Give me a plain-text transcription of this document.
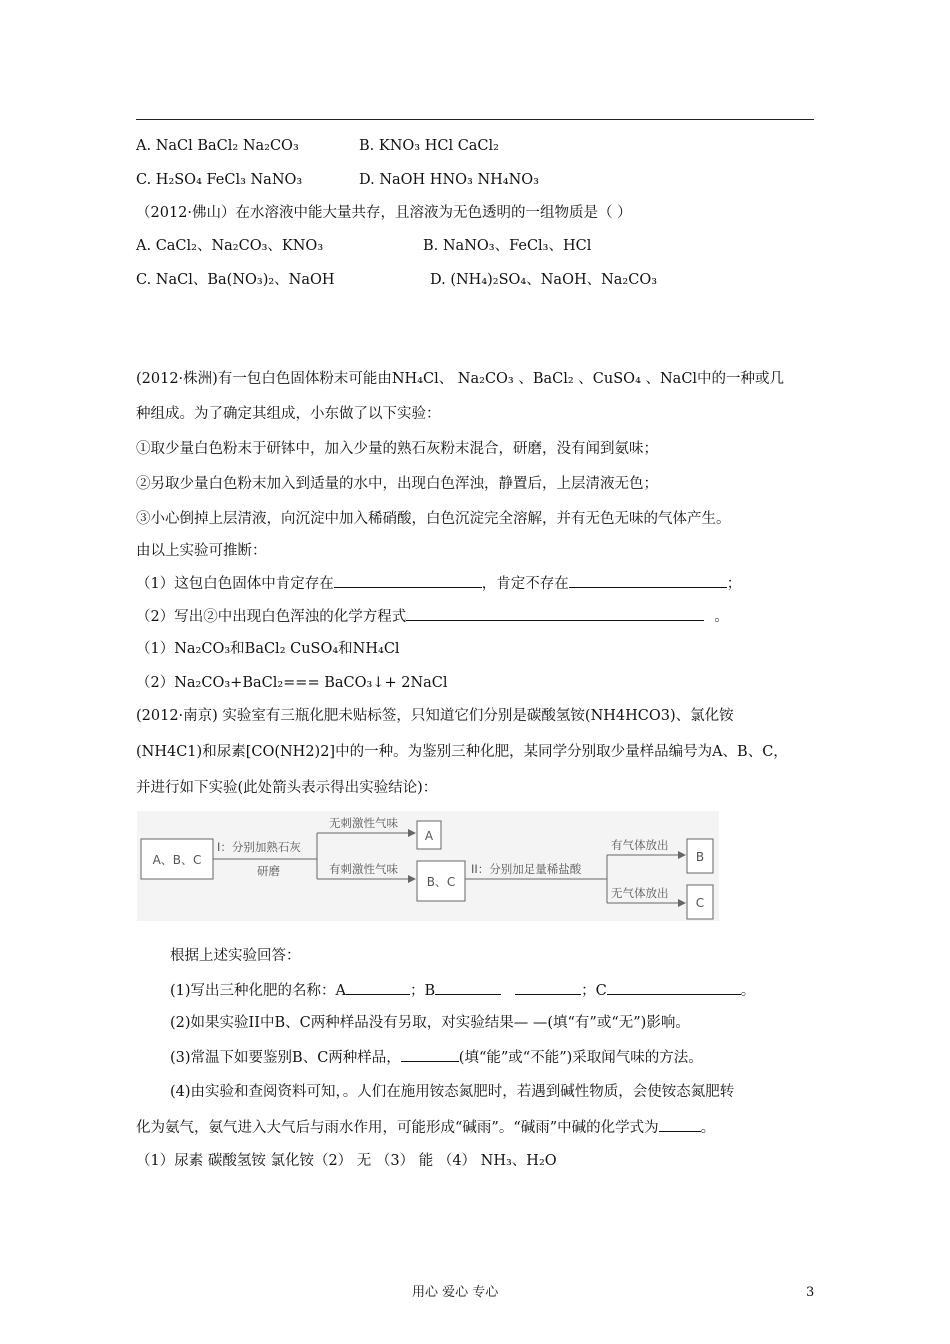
A. NaCl BaCl₂ Na₂CO₃	B. KNO₃ HCl CaCl₂
C. H₂SO₄ FeCl₃ NaNO₃	D. NaOH HNO₃ NH₄NO₃
（2012·佛山）在水溶液中能大量共存，且溶液为无色透明的一组物质是（ ）
A. CaCl₂、Na₂CO₃、KNO₃	B. NaNO₃、FeCl₃、HCl
C. NaCl、Ba(NO₃)₂、NaOH	D. (NH₄)₂SO₄、NaOH、Na₂CO₃
(2012·株洲)有一包白色固体粉末可能由NH₄Cl、 Na₂CO₃ 、BaCl₂ 、CuSO₄ 、NaCl中的一种或几
种组成。为了确定其组成，小东做了以下实验：
①取少量白色粉末于研钵中，加入少量的熟石灰粉末混合，研磨，没有闻到氨味；
②另取少量白色粉末加入到适量的水中，出现白色浑浊，静置后，上层清液无色；
③小心倒掉上层清液，向沉淀中加入稀硝酸，白色沉淀完全溶解，并有无色无味的气体产生。
由以上实验可推断：
（1）这包白色固体中肯定存在	，肯定不存在	；
（2）写出②中出现白色浑浊的化学方程式	。
（1）Na₂CO₃和BaCl₂ CuSO₄和NH₄Cl
（2）Na₂CO₃+BaCl₂=== BaCO₃↓+ 2NaCl
(2012·南京) 实验室有三瓶化肥未贴标签，只知道它们分别是碳酸氢铵(NH4HCO3)、氯化铵
(NH4C1)和尿素[CO(NH2)2]中的一种。为鉴别三种化肥，某同学分别取少量样品编号为A、B、C，
并进行如下实验(此处箭头表示得出实验结论)：
A、B、C
I：分别加熟石灰
研磨
无刺激性气味
有刺激性气味
A
B、C
II：分别加足量稀盐酸
有气体放出
无气体放出
B
C
根据上述实验回答：
(1)写出三种化肥的名称：A	；B	；C	。
(2)如果实验II中B、C两种样品没有另取，对实验结果— —(填“有”或“无”)影响。
(3)常温下如要鉴别B、C两种样品，	(填“能”或“不能”)采取闻气味的方法。
(4)由实验和查阅资料可知，。人们在施用铵态氮肥时，若遇到碱性物质，会使铵态氮肥转
化为氨气，氨气进入大气后与雨水作用，可能形成“碱雨”。“碱雨”中碱的化学式为	。
（1）尿素 碳酸氢铵 氯化铵（2） 无 （3） 能 （4） NH₃、H₂O
用心 爱心 专心	3
